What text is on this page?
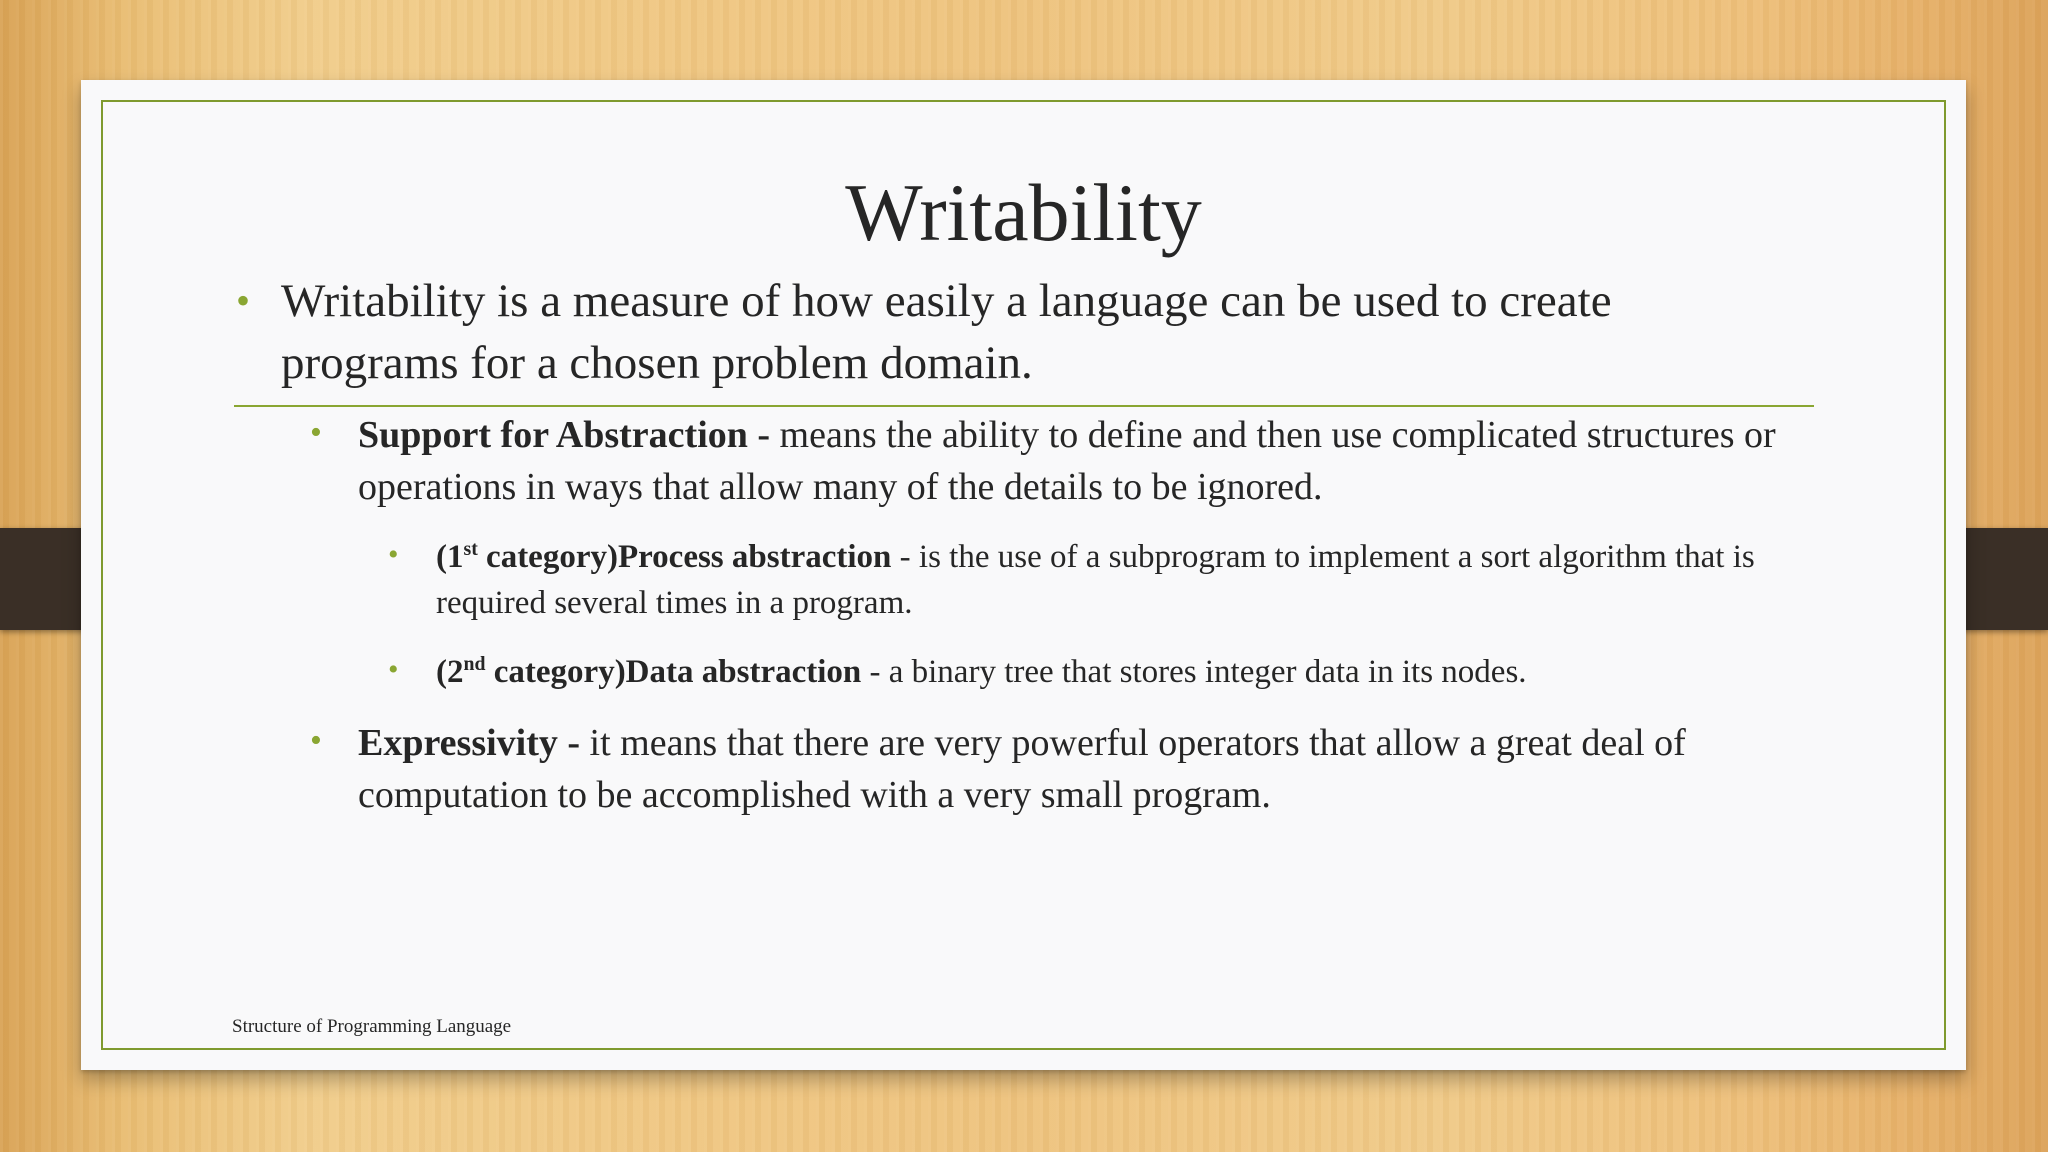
Writability
• Writability is a measure of how easily a language can be used to create programs for a chosen problem domain.
• Support for Abstraction - means the ability to define and then use complicated structures or operations in ways that allow many of the details to be ignored.
• (1st category)Process abstraction - is the use of a subprogram to implement a sort algorithm that is required several times in a program.
• (2nd category)Data abstraction - a binary tree that stores integer data in its nodes.
• Expressivity - it means that there are very powerful operators that allow a great deal of computation to be accomplished with a very small program.
Structure of Programming Language
